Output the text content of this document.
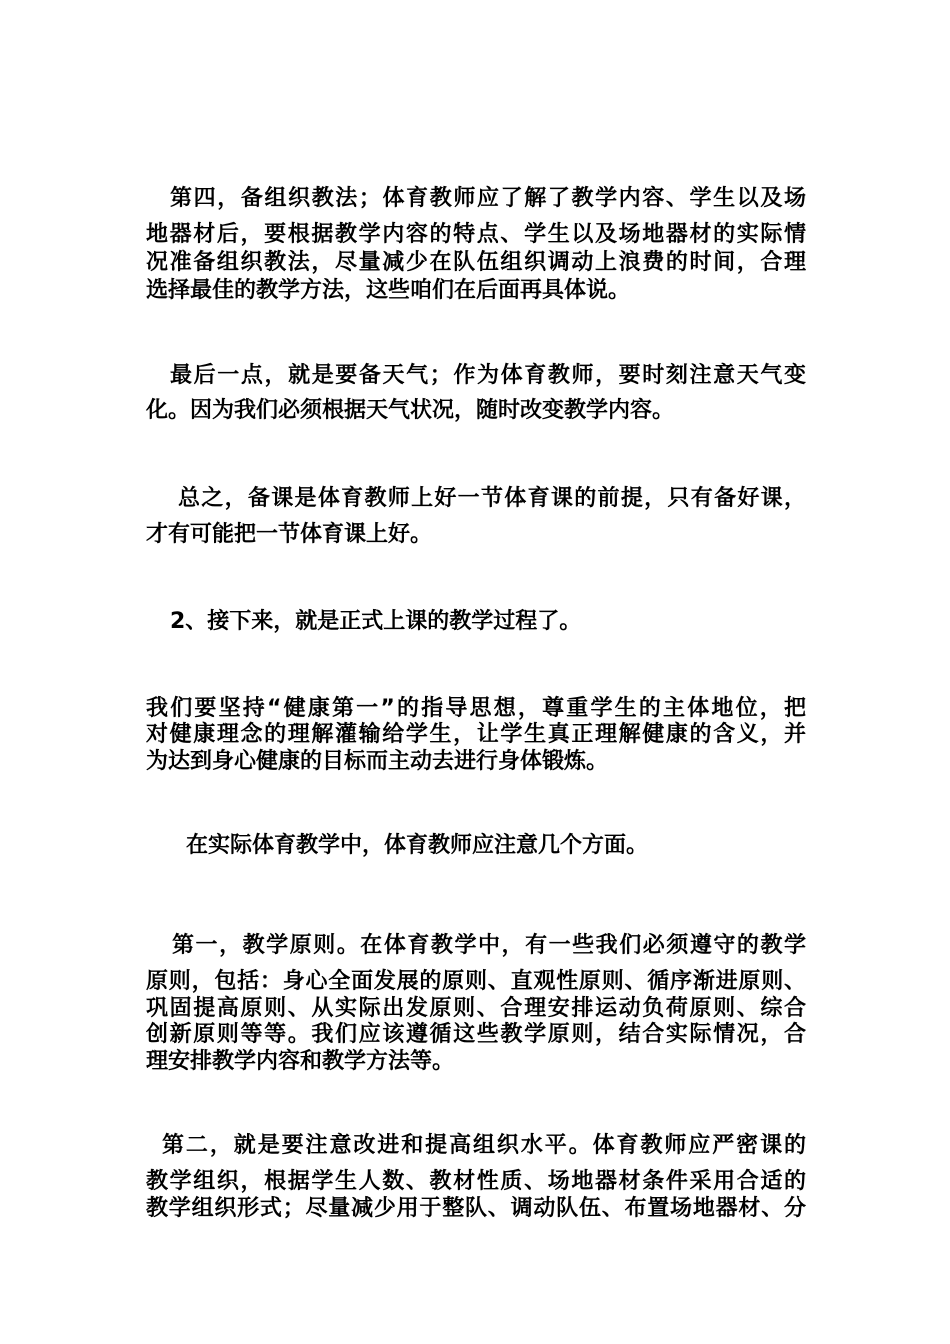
第四，备组织教法；体育教师应了解了教学内容、学生以及场
地器材后，要根据教学内容的特点、学生以及场地器材的实际情
况准备组织教法，尽量减少在队伍组织调动上浪费的时间，合理
选择最佳的教学方法，这些咱们在后面再具体说。
最后一点，就是要备天气；作为体育教师，要时刻注意天气变
化。因为我们必须根据天气状况，随时改变教学内容。
总之，备课是体育教师上好一节体育课的前提，只有备好课，
才有可能把一节体育课上好。
2、接下来，就是正式上课的教学过程了。
我们要坚持“健康第一”的指导思想，尊重学生的主体地位，把
对健康理念的理解灌输给学生，让学生真正理解健康的含义，并
为达到身心健康的目标而主动去进行身体锻炼。
在实际体育教学中，体育教师应注意几个方面。
第一，教学原则。在体育教学中，有一些我们必须遵守的教学
原则，包括：身心全面发展的原则、直观性原则、循序渐进原则、
巩固提高原则、从实际出发原则、合理安排运动负荷原则、综合
创新原则等等。我们应该遵循这些教学原则，结合实际情况，合
理安排教学内容和教学方法等。
第二，就是要注意改进和提高组织水平。体育教师应严密课的
教学组织，根据学生人数、教材性质、场地器材条件采用合适的
教学组织形式；尽量减少用于整队、调动队伍、布置场地器材、分
